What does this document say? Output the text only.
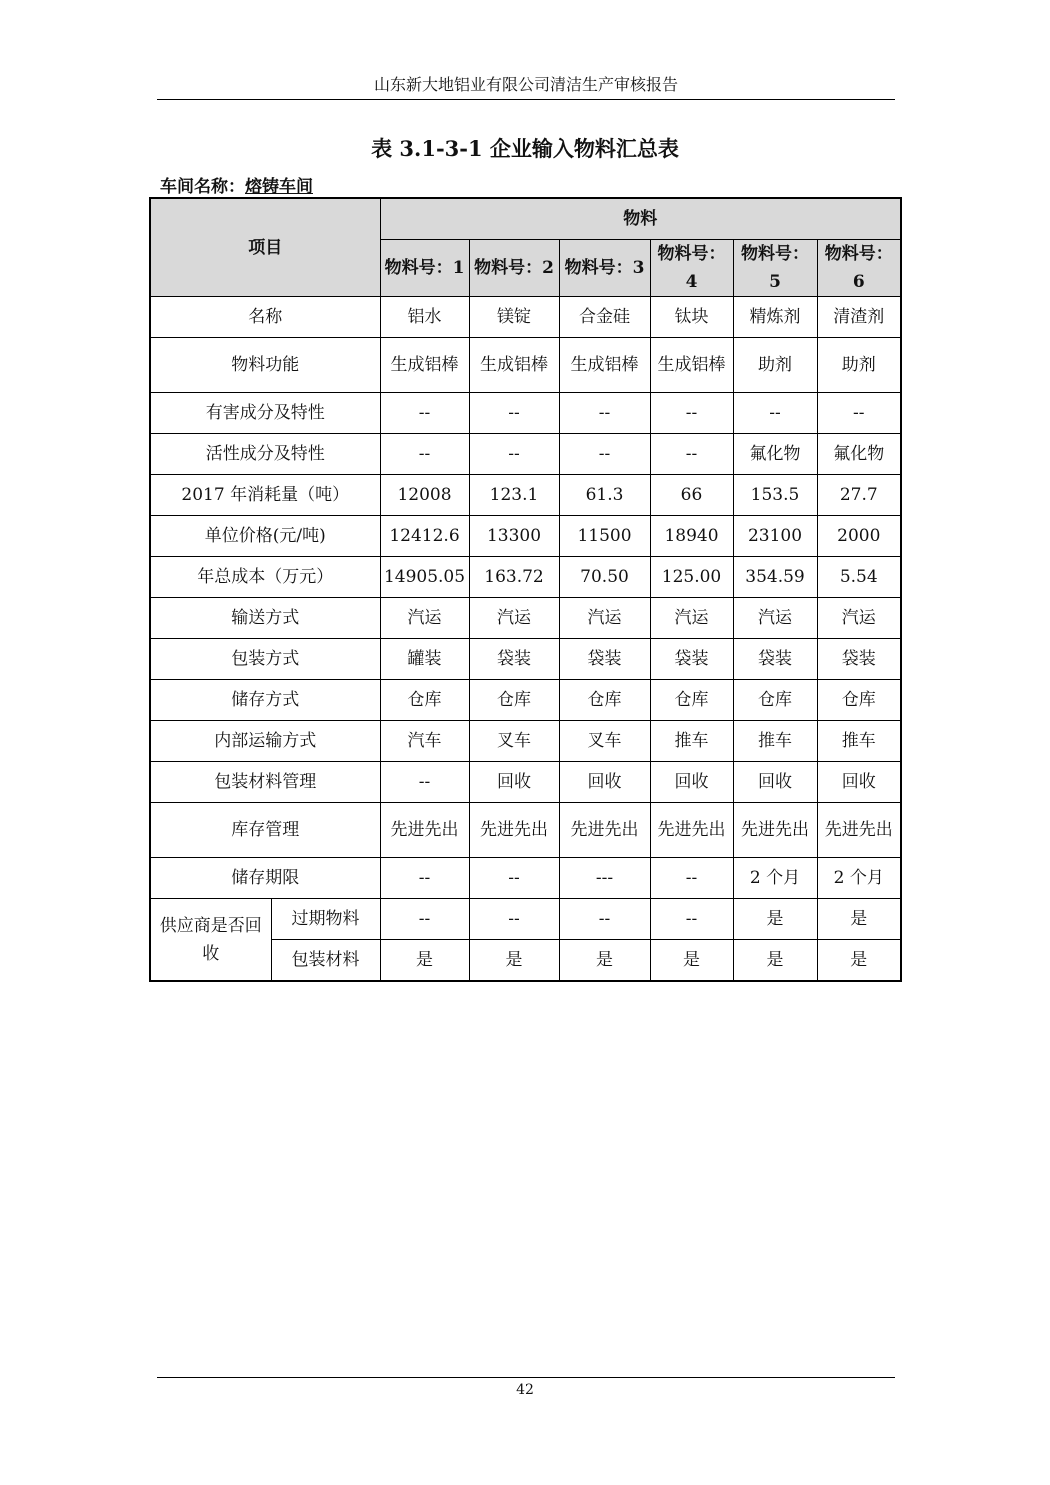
山东新大地铝业有限公司清洁生产审核报告
表 3.1-3-1 企业输入物料汇总表
车间名称：熔铸车间
项目		物料					
		物料号：1	物料号：2	物料号：3	物料号：4	物料号：5	物料号：6
名称		铝水	镁锭	合金硅	钛块	精炼剂	清渣剂
物料功能		生成铝棒	生成铝棒	生成铝棒	生成铝棒	助剂	助剂
有害成分及特性		--	--	--	--	--	--
活性成分及特性		--	--	--	--	氟化物	氟化物
2017 年消耗量（吨）		12008	123.1	61.3	66	153.5	27.7
单位价格(元/吨)		12412.6	13300	11500	18940	23100	2000
年总成本（万元）		14905.05	163.72	70.50	125.00	354.59	5.54
输送方式		汽运	汽运	汽运	汽运	汽运	汽运
包装方式		罐装	袋装	袋装	袋装	袋装	袋装
储存方式		仓库	仓库	仓库	仓库	仓库	仓库
内部运输方式		汽车	叉车	叉车	推车	推车	推车
包装材料管理		--	回收	回收	回收	回收	回收
库存管理		先进先出	先进先出	先进先出	先进先出	先进先出	先进先出
储存期限		--	--	---	--	2 个月	2 个月
供应商是否回收	过期物料	--	--	--	--	是	是
	包装材料	是	是	是	是	是	是
42
